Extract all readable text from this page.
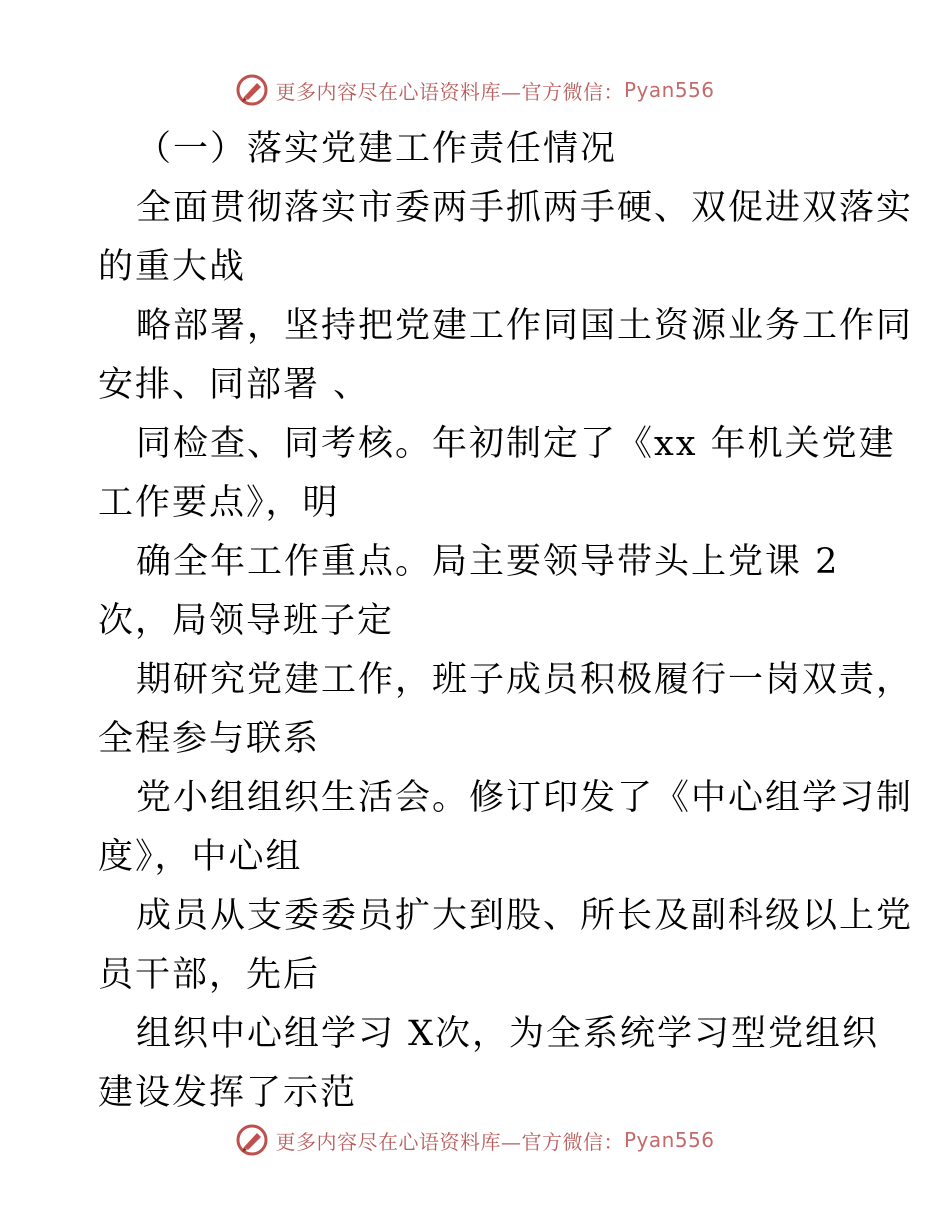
更多内容尽在心语资料库—官方微信： Pyan556
（一）落实党建工作责任情况
全面贯彻落实市委两手抓两手硬、双促进双落实
的重大战
略部署，坚持把党建工作同国土资源业务工作同
安排、同部署 、
同检查、同考核。年初制定了《xx 年机关党建
工作要点》，明
确全年工作重点。局主要领导带头上党课 2
次，局领导班子定
期研究党建工作，班子成员积极履行一岗双责，
全程参与联系
党小组组织生活会。修订印发了《中心组学习制
度》，中心组
成员从支委委员扩大到股、所长及副科级以上党
员干部，先后
组织中心组学习 X次，为全系统学习型党组织
建设发挥了示范
更多内容尽在心语资料库—官方微信： Pyan556
